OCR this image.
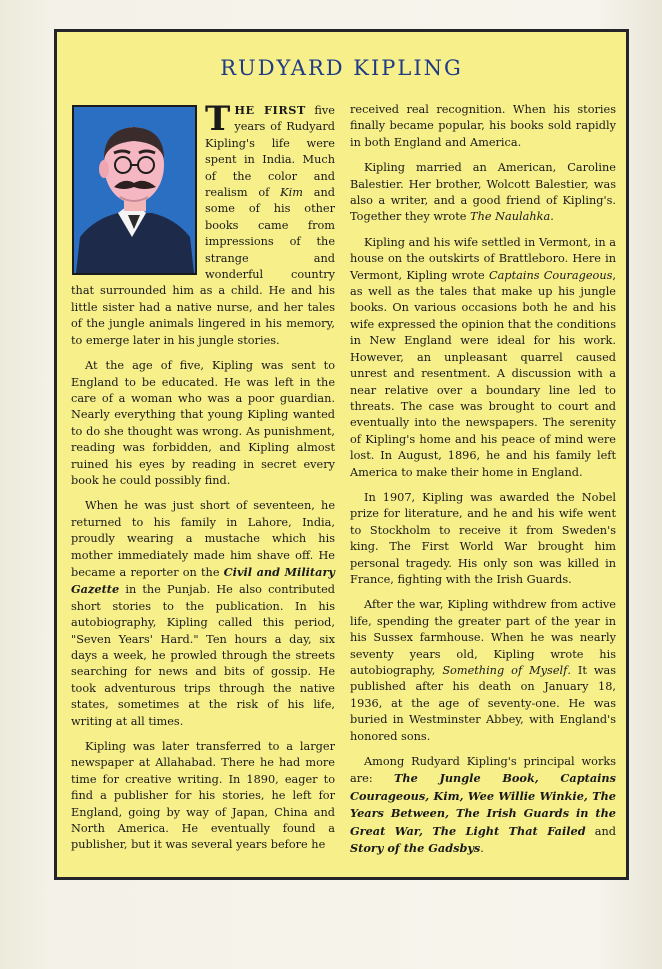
RUDYARD KIPLING

THE FIRST five years of Rudyard Kipling's life were spent in India. Much of the color and realism of Kim and some of his other books came from impressions of the strange and wonderful country that surrounded him as a child. He and his little sister had a native nurse, and her tales of the jungle animals lingered in his memory, to emerge later in his jungle stories.

At the age of five, Kipling was sent to England to be educated. He was left in the care of a woman who was a poor guardian. Nearly everything that young Kipling wanted to do she thought was wrong. As punishment, reading was forbidden, and Kipling almost ruined his eyes by reading in secret every book he could possibly find.

When he was just short of seventeen, he returned to his family in Lahore, India, proudly wearing a mustache which his mother immediately made him shave off. He became a reporter on the Civil and Military Gazette in the Punjab. He also contributed short stories to the publication. In his autobiography, Kipling called this period, "Seven Years' Hard." Ten hours a day, six days a week, he prowled through the streets searching for news and bits of gossip. He took adventurous trips through the native states, sometimes at the risk of his life, writing at all times.

Kipling was later transferred to a larger newspaper at Allahabad. There he had more time for creative writing. In 1890, eager to find a publisher for his stories, he left for England, going by way of Japan, China and North America. He eventually found a publisher, but it was several years before he

received real recognition. When his stories finally became popular, his books sold rapidly in both England and America.

Kipling married an American, Caroline Balestier. Her brother, Wolcott Balestier, was also a writer, and a good friend of Kipling's. Together they wrote The Naulahka.

Kipling and his wife settled in Vermont, in a house on the outskirts of Brattleboro. Here in Vermont, Kipling wrote Captains Courageous, as well as the tales that make up his jungle books. On various occasions both he and his wife expressed the opinion that the conditions in New England were ideal for his work. However, an unpleasant quarrel caused unrest and resentment. A discussion with a near relative over a boundary line led to threats. The case was brought to court and eventually into the newspapers. The serenity of Kipling's home and his peace of mind were lost. In August, 1896, he and his family left America to make their home in England.

In 1907, Kipling was awarded the Nobel prize for literature, and he and his wife went to Stockholm to receive it from Sweden's king. The First World War brought him personal tragedy. His only son was killed in France, fighting with the Irish Guards.

After the war, Kipling withdrew from active life, spending the greater part of the year in his Sussex farmhouse. When he was nearly seventy years old, Kipling wrote his autobiography, Something of Myself. It was published after his death on January 18, 1936, at the age of seventy-one. He was buried in Westminster Abbey, with England's honored sons.

Among Rudyard Kipling's principal works are: The Jungle Book, Captains Courageous, Kim, Wee Willie Winkie, The Years Between, The Irish Guards in the Great War, The Light That Failed and Story of the Gadsbys.
